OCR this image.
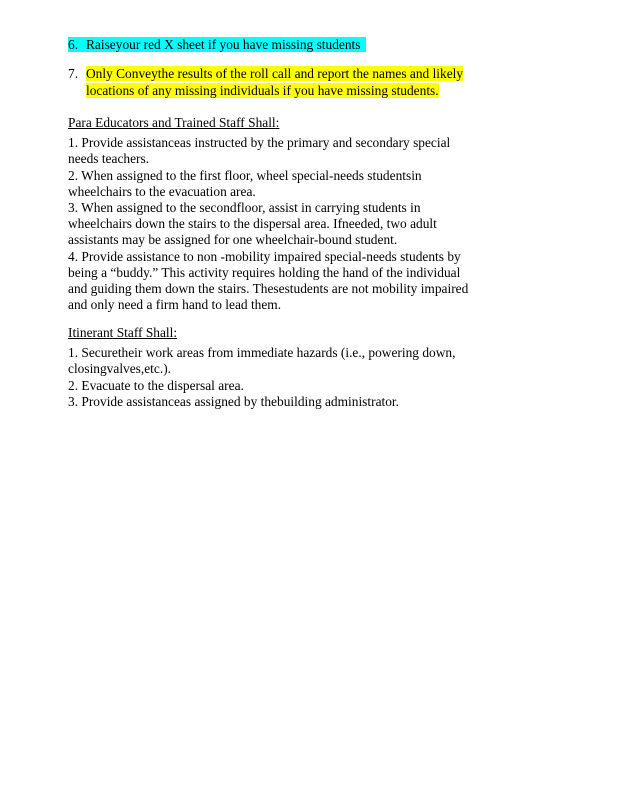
6. Raiseyour red X sheet if you have missing students
7. Only Conveythe results of the roll call and report the names and likely
locations of any missing individuals if you have missing students.

Para Educators and Trained Staff Shall:

1. Provide assistanceas instructed by the primary and secondary special

needs teachers.

2. When assigned to the first floor, wheel special-needs studentsin

wheelchairs to the evacuation area.

3. When assigned to the secondfloor, assist in carrying students in

wheelchairs down the stairs to the dispersal area. Ifneeded, two adult

assistants may be assigned for one wheelchair-bound student.

4. Provide assistance to non -mobility impaired special-needs students by

being a “buddy.” This activity requires holding the hand of the individual

and guiding them down the stairs. Thesestudents are not mobility impaired

and only need a firm hand to lead them.

Itinerant Staff Shall:

1. Securetheir work areas from immediate hazards (i.e., powering down,

closingvalves,etc.).

2. Evacuate to the dispersal area.

3. Provide assistanceas assigned by thebuilding administrator.
